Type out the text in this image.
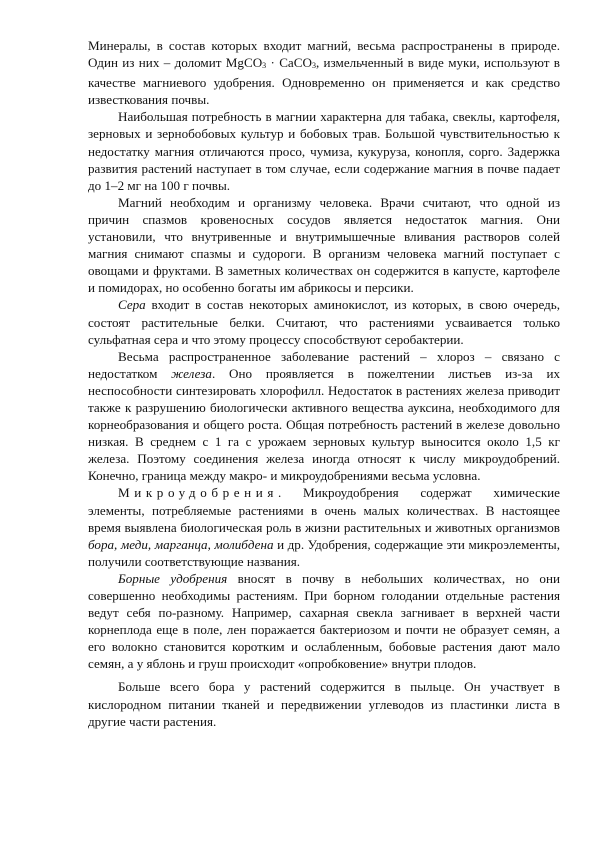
Минералы, в состав которых входит магний, весьма распространены в природе. Один из них – доломит MgCO3 · CaCO3, измельченный в виде муки, используют в качестве магниевого удобрения. Одновременно он применяется и как средство известкования почвы.

Наибольшая потребность в магнии характерна для табака, свеклы, картофеля, зерновых и зернобобовых культур и бобовых трав. Большой чувствительностью к недостатку магния отличаются просо, чумиза, кукуруза, конопля, сорго. Задержка развития растений наступает в том случае, если содержание магния в почве падает до 1–2 мг на 100 г почвы.

Магний необходим и организму человека. Врачи считают, что одной из причин спазмов кровеносных сосудов является недостаток магния. Они установили, что внутривенные и внутримышечные вливания растворов солей магния снимают спазмы и судороги. В организм человека магний поступает с овощами и фруктами. В заметных количествах он содержится в капусте, картофеле и помидорах, но особенно богаты им абрикосы и персики.

Сера входит в состав некоторых аминокислот, из которых, в свою очередь, состоят растительные белки. Считают, что растениями усваивается только сульфатная сера и что этому процессу способствуют серобактерии.

Весьма распространенное заболевание растений – хлороз – связано с недостатком железа. Оно проявляется в пожелтении листьев из-за их неспособности синтезировать хлорофилл. Недостаток в растениях железа приводит также к разрушению биологически активного вещества ауксина, необходимого для корнеобразования и общего роста. Общая потребность растений в железе довольно низкая. В среднем с 1 га с урожаем зерновых культур выносится около 1,5 кг железа. Поэтому соединения железа иногда относят к числу микроудобрений. Конечно, граница между макро- и микроудобрениями весьма условна.

Микроудобрения. Микроудобрения содержат химические элементы, потребляемые растениями в очень малых количествах. В настоящее время выявлена биологическая роль в жизни растительных и животных организмов бора, меди, марганца, молибдена и др. Удобрения, содержащие эти микроэлементы, получили соответствующие названия.

Борные удобрения вносят в почву в небольших количествах, но они совершенно необходимы растениям. При борном голодании отдельные растения ведут себя по-разному. Например, сахарная свекла загнивает в верхней части корнеплода еще в поле, лен поражается бактериозом и почти не образует семян, а его волокно становится коротким и ослабленным, бобовые растения дают мало семян, а у яблонь и груш происходит «опробковение» внутри плодов.

Больше всего бора у растений содержится в пыльце. Он участвует в кислородном питании тканей и передвижении углеводов из пластинки листа в другие части растения.
